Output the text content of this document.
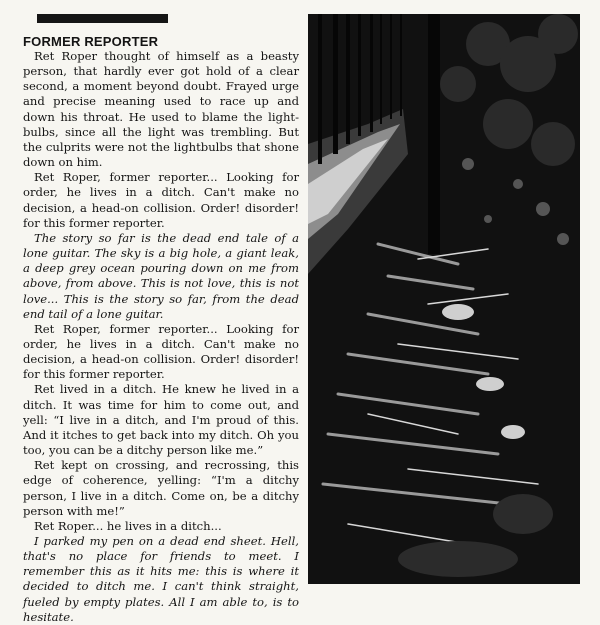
FORMER REPORTER

Ret Roper thought of himself as a beasty person, that hardly ever got hold of a clear second, a moment beyond doubt. Frayed urge and precise meaning used to race up and down his throat. He used to blame the light-bulbs, since all the light was trembling. But the culprits were not the lightbulbs that shone down on him.

Ret Roper, former reporter... Looking for order, he lives in a ditch. Can't make no decision, a head-on collision. Order! disorder! for this former reporter.

The story so far is the dead end tale of a lone guitar. The sky is a big hole, a giant leak, a deep grey ocean pouring down on me from above, from above. This is not love, this is not love... This is the story so far, from the dead end tail of a lone guitar.

Ret Roper, former reporter... Looking for order, he lives in a ditch. Can't make no decision, a head-on collision. Order! disorder! for this former reporter.

Ret lived in a ditch. He knew he lived in a ditch. It was time for him to come out, and yell: “I live in a ditch, and I'm proud of this. And it itches to get back into my ditch. Oh you too, you can be a ditchy person like me.”

Ret kept on crossing, and recrossing, this edge of coherence, yelling: “I'm a ditchy person, I live in a ditch. Come on, be a ditchy person with me!”

Ret Roper... he lives in a ditch...

I parked my pen on a dead end sheet. Hell, that's no place for friends to meet. I remember this as it hits me: this is where it decided to ditch me. I can't think straight, fueled by empty plates. All I am able to, is to hesitate.
